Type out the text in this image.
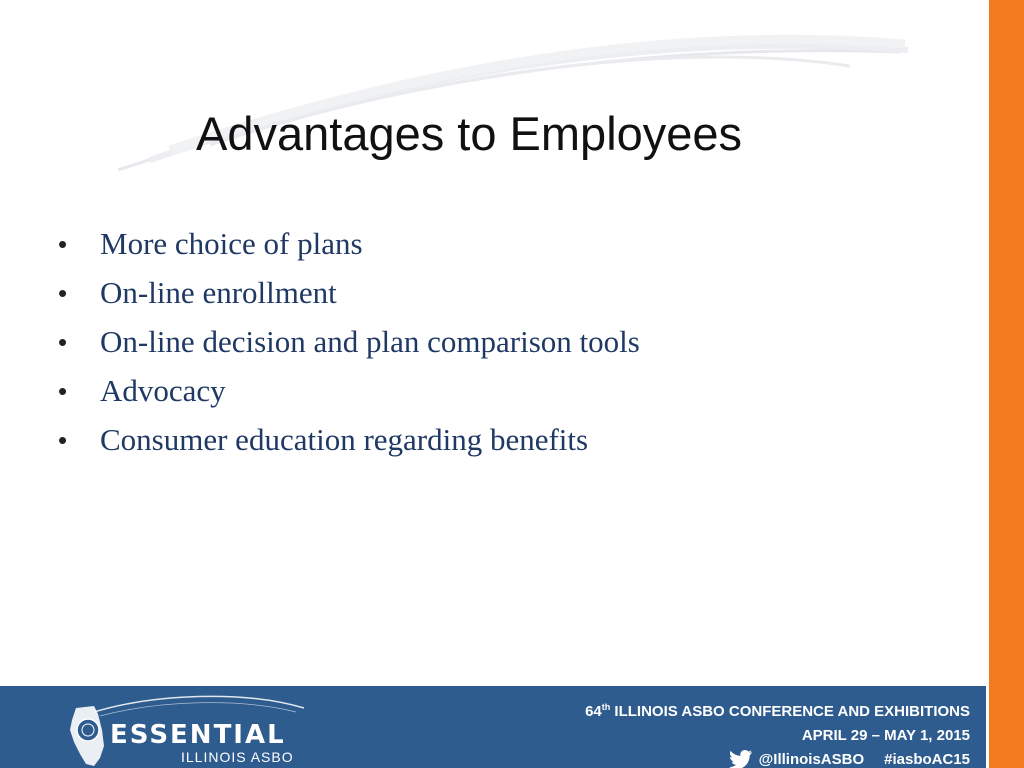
Advantages to Employees
• More choice of plans
• On-line enrollment
• On-line decision and plan comparison tools
• Advocacy
• Consumer education regarding benefits
ESSENTIAL
ILLINOIS ASBO
64th ILLINOIS ASBO CONFERENCE AND EXHIBITIONS
APRIL 29 – MAY 1, 2015
@IllinoisASBO #iasboAC15
